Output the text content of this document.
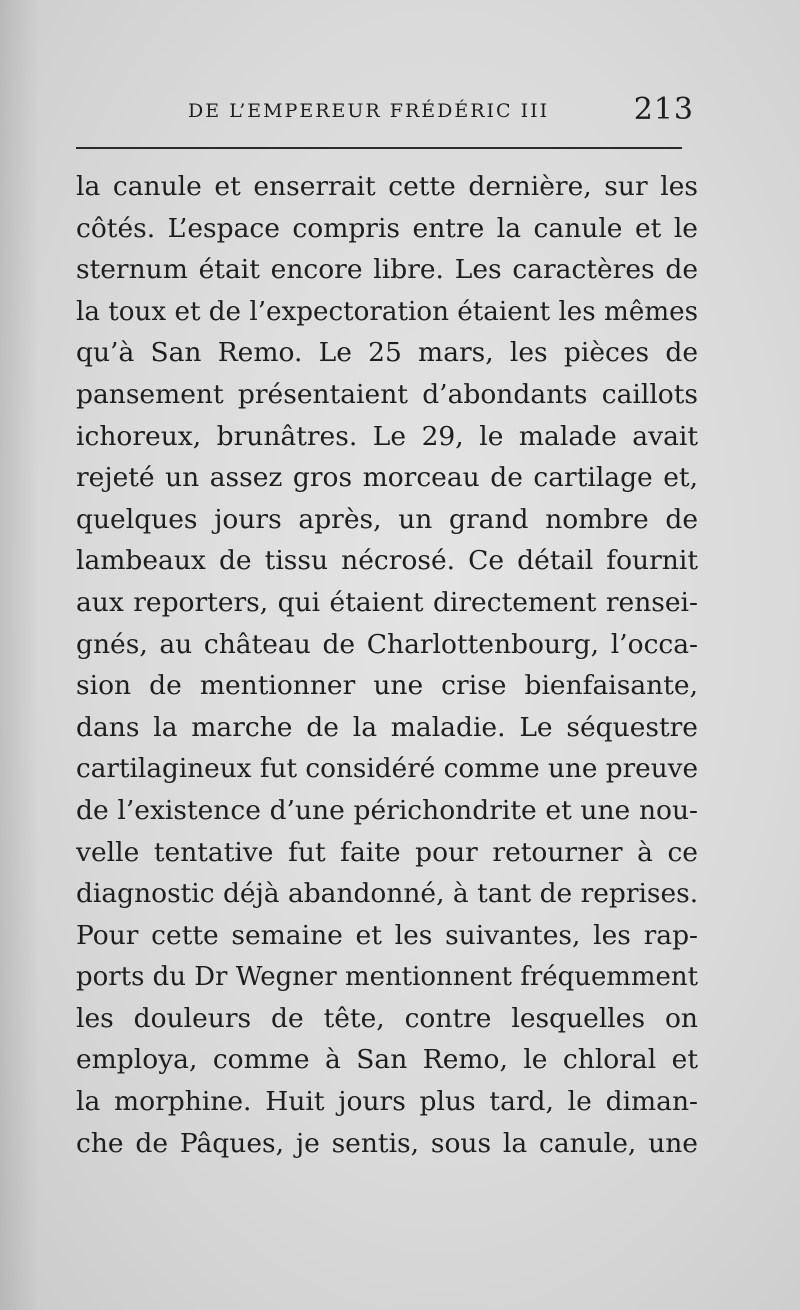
DE L’EMPEREUR FRÉDÉRIC III	213
la canule et enserrait cette dernière, sur les
côtés. L’espace compris entre la canule et le
sternum était encore libre. Les caractères de
la toux et de l’expectoration étaient les mêmes
qu’à San Remo. Le 25 mars, les pièces de
pansement présentaient d’abondants caillots
ichoreux, brunâtres. Le 29, le malade avait
rejeté un assez gros morceau de cartilage et,
quelques jours après, un grand nombre de
lambeaux de tissu nécrosé. Ce détail fournit
aux reporters, qui étaient directement rensei-
gnés, au château de Charlottenbourg, l’occa-
sion de mentionner une crise bienfaisante,
dans la marche de la maladie. Le séquestre
cartilagineux fut considéré comme une preuve
de l’existence d’une périchondrite et une nou-
velle tentative fut faite pour retourner à ce
diagnostic déjà abandonné, à tant de reprises.
Pour cette semaine et les suivantes, les rap-
ports du Dr Wegner mentionnent fréquemment
les douleurs de tête, contre lesquelles on
employa, comme à San Remo, le chloral et
la morphine. Huit jours plus tard, le diman-
che de Pâques, je sentis, sous la canule, une
